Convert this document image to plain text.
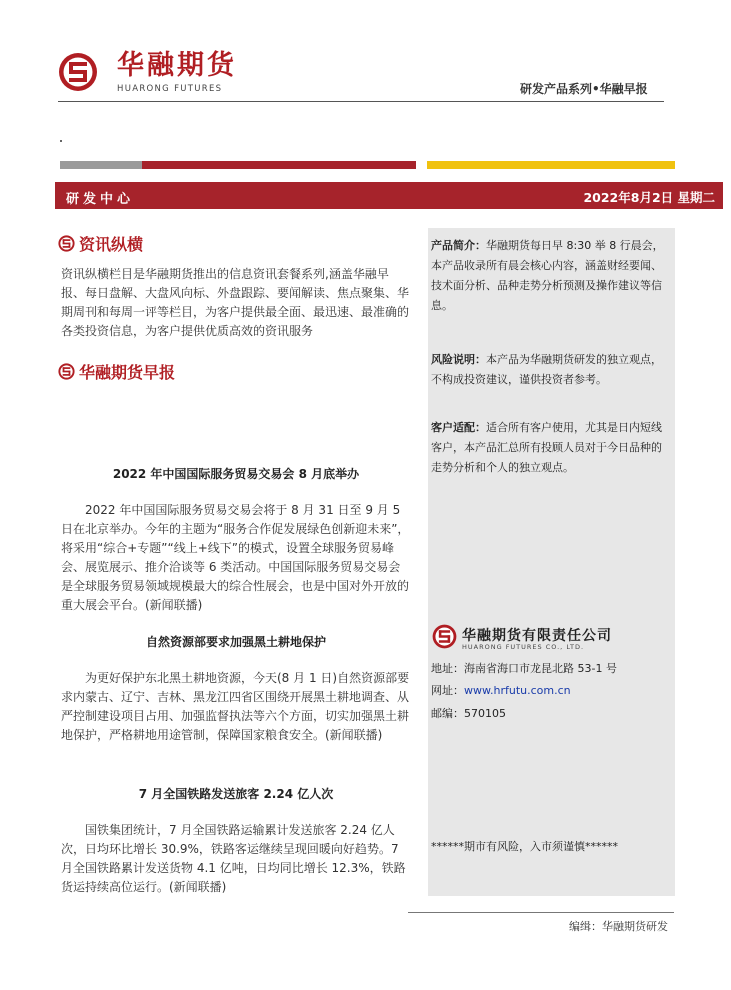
华融期货
HUARONG FUTURES	研发产品系列•华融早报
研发中心	2022年8月2日 星期二
资讯纵横
资讯纵横栏目是华融期货推出的信息资讯套餐系列,涵盖华融早报、每日盘解、大盘风向标、外盘跟踪、要闻解读、焦点聚集、华期周刊和每周一评等栏目，为客户提供最全面、最迅速、最准确的各类投资信息，为客户提供优质高效的资讯服务
华融期货早报
2022 年中国国际服务贸易交易会 8 月底举办
2022 年中国国际服务贸易交易会将于 8 月 31 日至 9 月 5 日在北京举办。今年的主题为“服务合作促发展绿色创新迎未来”，将采用“综合+专题”“线上+线下”的模式，设置全球服务贸易峰会、展览展示、推介洽谈等 6 类活动。中国国际服务贸易交易会是全球服务贸易领域规模最大的综合性展会，也是中国对外开放的重大展会平台。(新闻联播)
自然资源部要求加强黑土耕地保护
为更好保护东北黑土耕地资源，今天(8 月 1 日)自然资源部要求内蒙古、辽宁、吉林、黑龙江四省区围绕开展黑土耕地调查、从严控制建设项目占用、加强监督执法等六个方面，切实加强黑土耕地保护，严格耕地用途管制，保障国家粮食安全。(新闻联播)
7 月全国铁路发送旅客 2.24 亿人次
国铁集团统计，7 月全国铁路运输累计发送旅客 2.24 亿人次，日均环比增长 30.9%，铁路客运继续呈现回暖向好趋势。7 月全国铁路累计发送货物 4.1 亿吨，日均同比增长 12.3%，铁路货运持续高位运行。(新闻联播)
产品简介：华融期货每日早 8:30 举 8 行晨会，本产品收录所有晨会核心内容，涵盖财经要闻、技术面分析、品种走势分析预测及操作建议等信息。
风险说明：本产品为华融期货研发的独立观点，不构成投资建议，谨供投资者参考。
客户适配：适合所有客户使用，尤其是日内短线客户，本产品汇总所有投顾人员对于今日品种的走势分析和个人的独立观点。
华融期货有限责任公司
HUARONG FUTURES CO., LTD.
地址：海南省海口市龙昆北路 53-1 号
网址：www.hrfutu.com.cn
邮编：570105
******期市有风险，入市须谨慎******
编缉：华融期货研发
